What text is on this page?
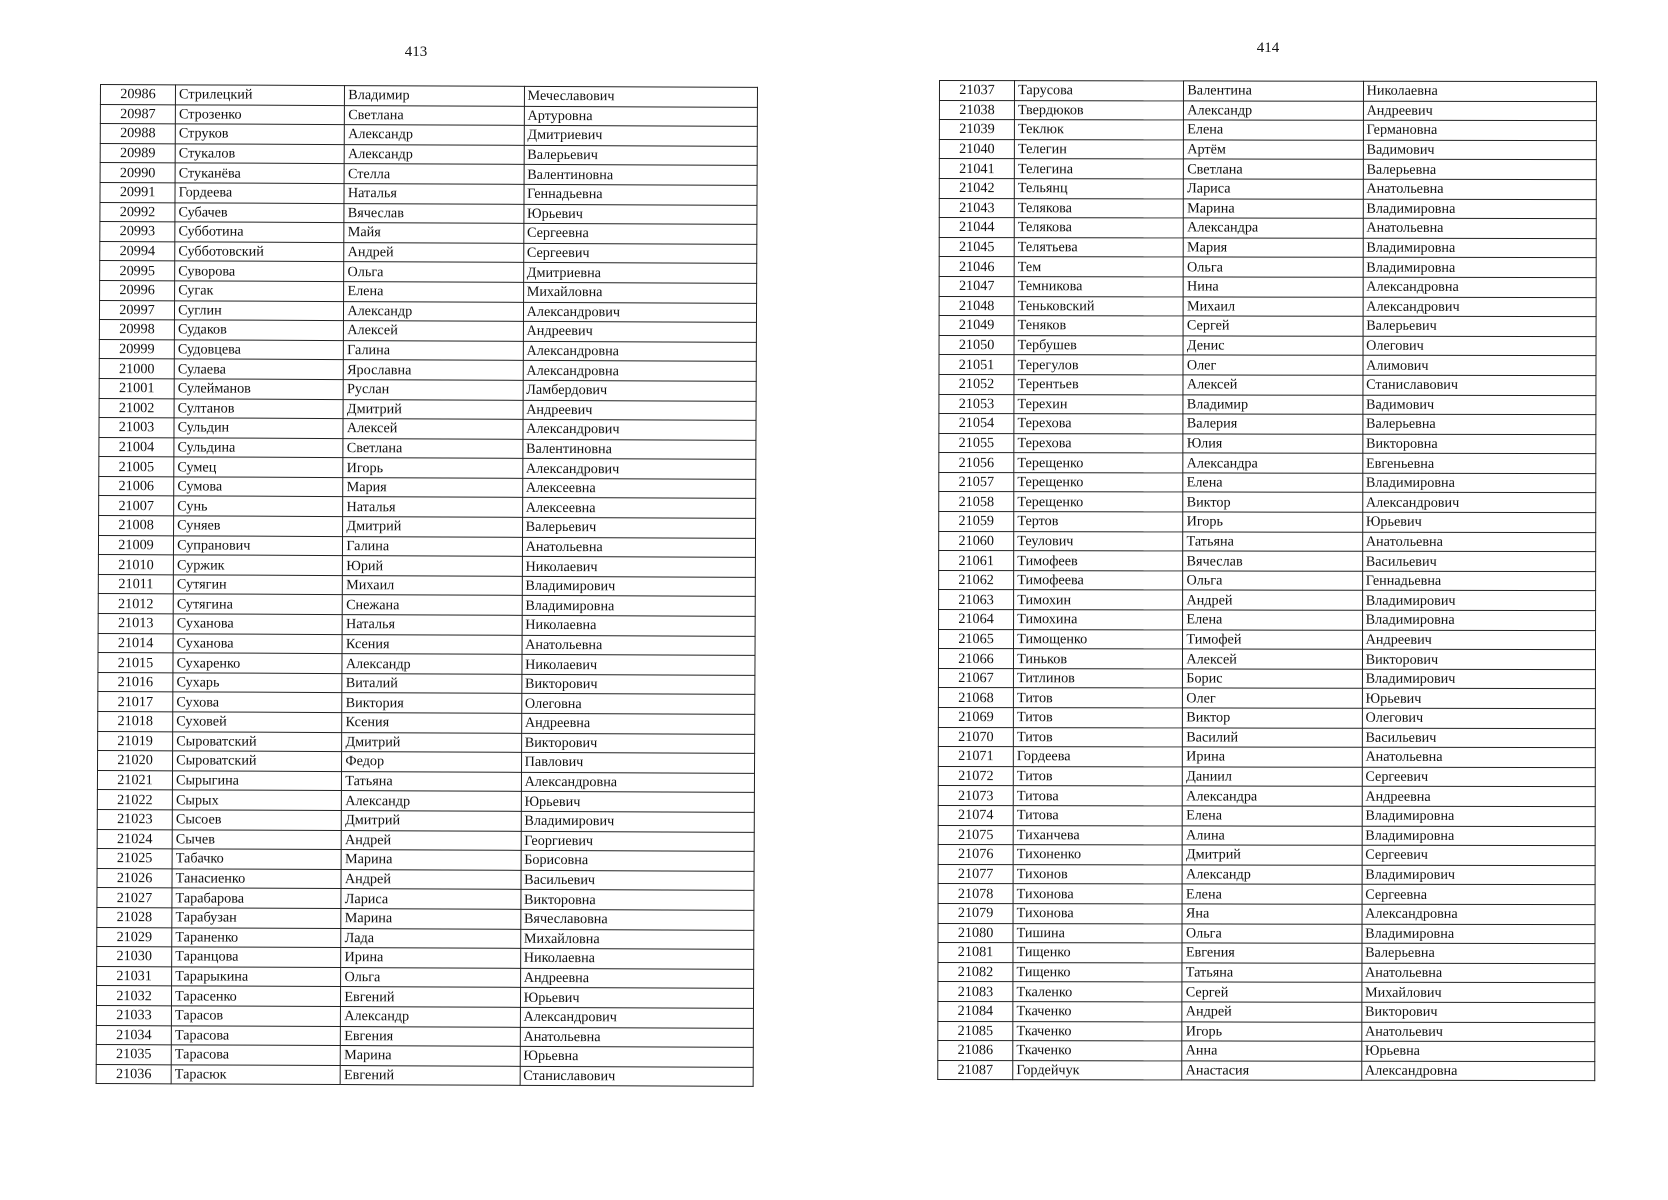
413
20986	Стрилецкий	Владимир	Мечеславович
20987	Строзенко	Светлана	Артуровна
20988	Струков	Александр	Дмитриевич
20989	Стукалов	Александр	Валерьевич
20990	Стуканёва	Стелла	Валентиновна
20991	Гордеева	Наталья	Геннадьевна
20992	Субачев	Вячеслав	Юрьевич
20993	Субботина	Майя	Сергеевна
20994	Субботовский	Андрей	Сергеевич
20995	Суворова	Ольга	Дмитриевна
20996	Сугак	Елена	Михайловна
20997	Суглин	Александр	Александрович
20998	Судаков	Алексей	Андреевич
20999	Судовцева	Галина	Александровна
21000	Сулаева	Ярославна	Александровна
21001	Сулейманов	Руслан	Ламбердович
21002	Султанов	Дмитрий	Андреевич
21003	Сульдин	Алексей	Александрович
21004	Сульдина	Светлана	Валентиновна
21005	Сумец	Игорь	Александрович
21006	Сумова	Мария	Алексеевна
21007	Сунь	Наталья	Алексеевна
21008	Суняев	Дмитрий	Валерьевич
21009	Супранович	Галина	Анатольевна
21010	Суржик	Юрий	Николаевич
21011	Сутягин	Михаил	Владимирович
21012	Сутягина	Снежана	Владимировна
21013	Суханова	Наталья	Николаевна
21014	Суханова	Ксения	Анатольевна
21015	Сухаренко	Александр	Николаевич
21016	Сухарь	Виталий	Викторович
21017	Сухова	Виктория	Олеговна
21018	Суховей	Ксения	Андреевна
21019	Сыроватский	Дмитрий	Викторович
21020	Сыроватский	Федор	Павлович
21021	Сырыгина	Татьяна	Александровна
21022	Сырых	Александр	Юрьевич
21023	Сысоев	Дмитрий	Владимирович
21024	Сычев	Андрей	Георгиевич
21025	Табачко	Марина	Борисовна
21026	Танасиенко	Андрей	Васильевич
21027	Тарабарова	Лариса	Викторовна
21028	Тарабузан	Марина	Вячеславовна
21029	Тараненко	Лада	Михайловна
21030	Таранцова	Ирина	Николаевна
21031	Тарарыкина	Ольга	Андреевна
21032	Тарасенко	Евгений	Юрьевич
21033	Тарасов	Александр	Александрович
21034	Тарасова	Евгения	Анатольевна
21035	Тарасова	Марина	Юрьевна
21036	Тарасюк	Евгений	Станиславович
414
21037	Тарусова	Валентина	Николаевна
21038	Твердюков	Александр	Андреевич
21039	Теклюк	Елена	Германовна
21040	Телегин	Артём	Вадимович
21041	Телегина	Светлана	Валерьевна
21042	Тельянц	Лариса	Анатольевна
21043	Телякова	Марина	Владимировна
21044	Телякова	Александра	Анатольевна
21045	Телятьева	Мария	Владимировна
21046	Тем	Ольга	Владимировна
21047	Темникова	Нина	Александровна
21048	Теньковский	Михаил	Александрович
21049	Теняков	Сергей	Валерьевич
21050	Тербушев	Денис	Олегович
21051	Терегулов	Олег	Алимович
21052	Терентьев	Алексей	Станиславович
21053	Терехин	Владимир	Вадимович
21054	Терехова	Валерия	Валерьевна
21055	Терехова	Юлия	Викторовна
21056	Терещенко	Александра	Евгеньевна
21057	Терещенко	Елена	Владимировна
21058	Терещенко	Виктор	Александрович
21059	Тертов	Игорь	Юрьевич
21060	Теулович	Татьяна	Анатольевна
21061	Тимофеев	Вячеслав	Васильевич
21062	Тимофеева	Ольга	Геннадьевна
21063	Тимохин	Андрей	Владимирович
21064	Тимохина	Елена	Владимировна
21065	Тимощенко	Тимофей	Андреевич
21066	Тиньков	Алексей	Викторович
21067	Титлинов	Борис	Владимирович
21068	Титов	Олег	Юрьевич
21069	Титов	Виктор	Олегович
21070	Титов	Василий	Васильевич
21071	Гордеева	Ирина	Анатольевна
21072	Титов	Даниил	Сергеевич
21073	Титова	Александра	Андреевна
21074	Титова	Елена	Владимировна
21075	Тиханчева	Алина	Владимировна
21076	Тихоненко	Дмитрий	Сергеевич
21077	Тихонов	Александр	Владимирович
21078	Тихонова	Елена	Сергеевна
21079	Тихонова	Яна	Александровна
21080	Тишина	Ольга	Владимировна
21081	Тищенко	Евгения	Валерьевна
21082	Тищенко	Татьяна	Анатольевна
21083	Ткаленко	Сергей	Михайлович
21084	Ткаченко	Андрей	Викторович
21085	Ткаченко	Игорь	Анатольевич
21086	Ткаченко	Анна	Юрьевна
21087	Гордейчук	Анастасия	Александровна
